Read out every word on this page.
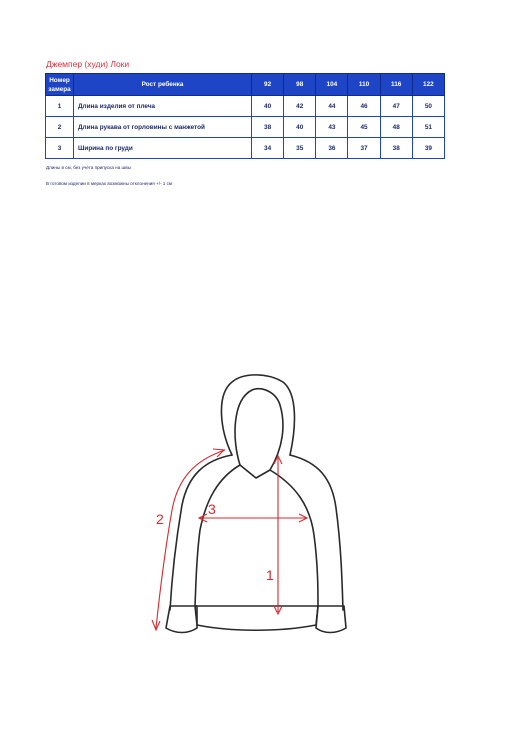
Джемпер (худи) Локи
Номер
замера	Рост ребенка	92	98	104	110	116	122
1	Длина изделия от плеча	40	42	44	46	47	50
2	Длина рукава от горловины с манжетой	38	40	43	45	48	51
3	Ширина по груди	34	35	36	37	38	39
Длины в см, без учета припуска на швы
В готовом изделии в мерках возможны отклонения +/- 1 см
1
2
3
